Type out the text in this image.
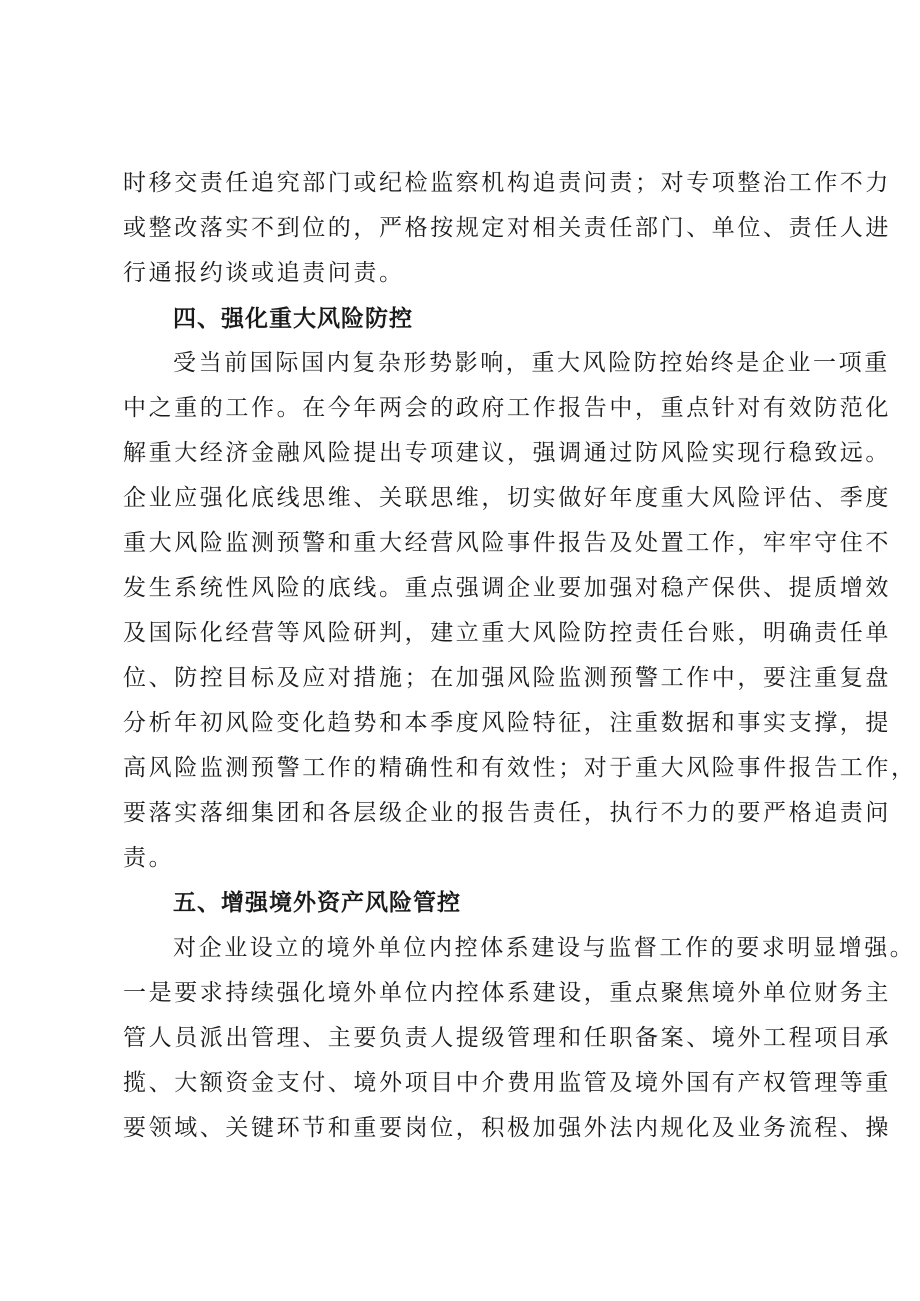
时移交责任追究部门或纪检监察机构追责问责；对专项整治工作不力
或整改落实不到位的，严格按规定对相关责任部门、单位、责任人进
行通报约谈或追责问责。
四、强化重大风险防控
受当前国际国内复杂形势影响，重大风险防控始终是企业一项重
中之重的工作。在今年两会的政府工作报告中，重点针对有效防范化
解重大经济金融风险提出专项建议，强调通过防风险实现行稳致远。
企业应强化底线思维、关联思维，切实做好年度重大风险评估、季度
重大风险监测预警和重大经营风险事件报告及处置工作，牢牢守住不
发生系统性风险的底线。重点强调企业要加强对稳产保供、提质增效
及国际化经营等风险研判，建立重大风险防控责任台账，明确责任单
位、防控目标及应对措施；在加强风险监测预警工作中，要注重复盘
分析年初风险变化趋势和本季度风险特征，注重数据和事实支撑，提
高风险监测预警工作的精确性和有效性；对于重大风险事件报告工作，
要落实落细集团和各层级企业的报告责任，执行不力的要严格追责问
责。
五、增强境外资产风险管控
对企业设立的境外单位内控体系建设与监督工作的要求明显增强。
一是要求持续强化境外单位内控体系建设，重点聚焦境外单位财务主
管人员派出管理、主要负责人提级管理和任职备案、境外工程项目承
揽、大额资金支付、境外项目中介费用监管及境外国有产权管理等重
要领域、关键环节和重要岗位，积极加强外法内规化及业务流程、操
